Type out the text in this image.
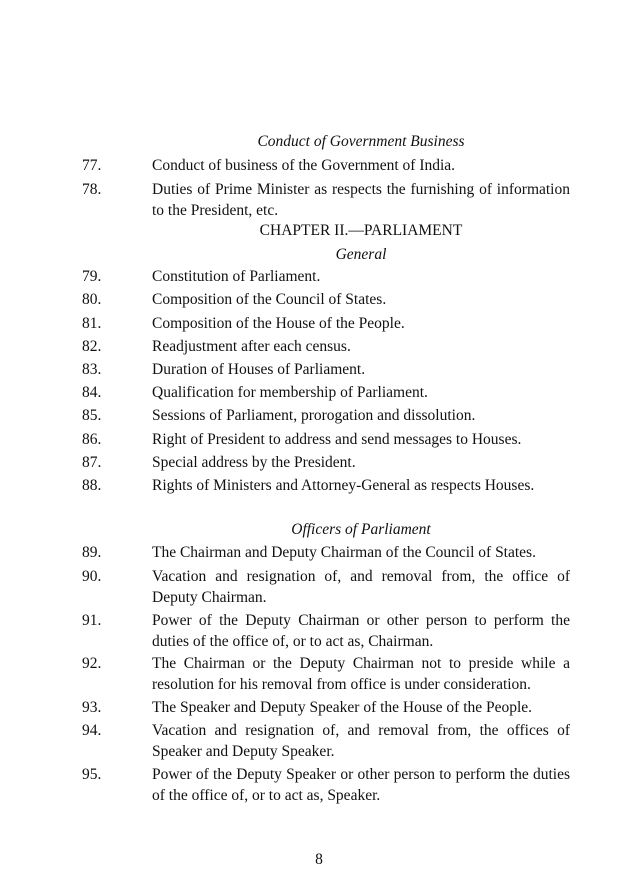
Conduct of Government Business
77.	Conduct of business of the Government of India.

78.	Duties of Prime Minister as respects the furnishing of information to the President, etc.

CHAPTER II.—PARLIAMENT
General
79.	Constitution of Parliament.

80.	Composition of the Council of States.

81.	Composition of the House of the People.

82.	Readjustment after each census.

83.	Duration of Houses of Parliament.

84.	Qualification for membership of Parliament.

85.	Sessions of Parliament, prorogation and dissolution.

86.	Right of President to address and send messages to Houses.

87.	Special address by the President.

88.	Rights of Ministers and Attorney-General as respects Houses.

Officers of Parliament
89.	The Chairman and Deputy Chairman of the Council of States.

90.	Vacation and resignation of, and removal from, the office of Deputy Chairman.

91.	Power of the Deputy Chairman or other person to perform the duties of the office of, or to act as, Chairman.

92.	The Chairman or the Deputy Chairman not to preside while a resolution for his removal from office is under consideration.

93.	The Speaker and Deputy Speaker of the House of the People.

94.	Vacation and resignation of, and removal from, the offices of Speaker and Deputy Speaker.

95.	Power of the Deputy Speaker or other person to perform the duties of the office of, or to act as, Speaker.

8
